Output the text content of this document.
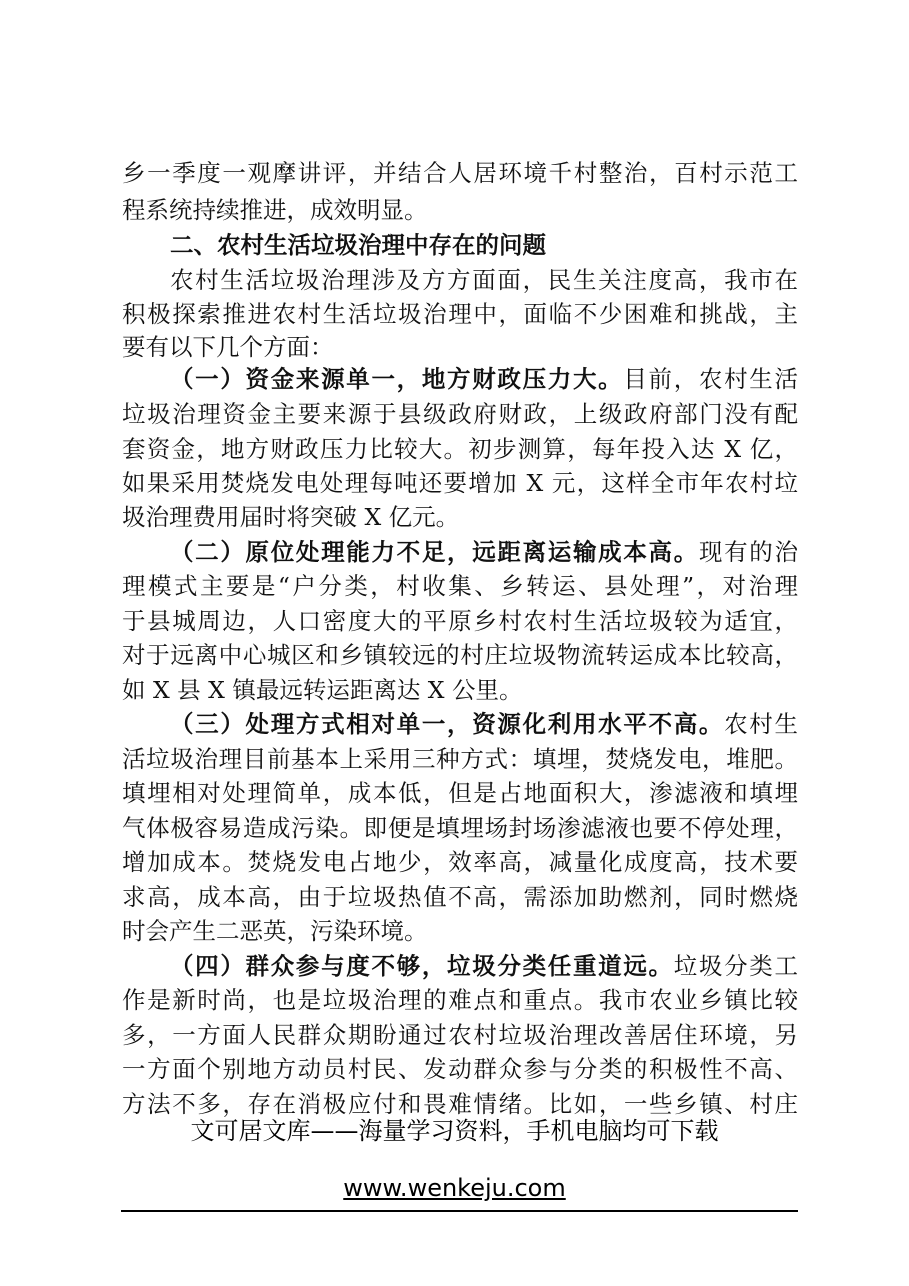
乡一季度一观摩讲评，并结合人居环境千村整治，百村示范工
程系统持续推进，成效明显。
二、农村生活垃圾治理中存在的问题
农村生活垃圾治理涉及方方面面，民生关注度高，我市在
积极探索推进农村生活垃圾治理中，面临不少困难和挑战，主
要有以下几个方面：
（一）资金来源单一，地方财政压力大。目前，农村生活
垃圾治理资金主要来源于县级政府财政，上级政府部门没有配
套资金，地方财政压力比较大。初步测算，每年投入达 X 亿，
如果采用焚烧发电处理每吨还要增加 X 元，这样全市年农村垃
圾治理费用届时将突破 X 亿元。
（二）原位处理能力不足，远距离运输成本高。现有的治
理模式主要是“户分类，村收集、乡转运、县处理”，对治理
于县城周边，人口密度大的平原乡村农村生活垃圾较为适宜，
对于远离中心城区和乡镇较远的村庄垃圾物流转运成本比较高，
如 X 县 X 镇最远转运距离达 X 公里。
（三）处理方式相对单一，资源化利用水平不高。农村生
活垃圾治理目前基本上采用三种方式：填埋，焚烧发电，堆肥。
填埋相对处理简单，成本低，但是占地面积大，渗滤液和填埋
气体极容易造成污染。即便是填埋场封场渗滤液也要不停处理，
增加成本。焚烧发电占地少，效率高，减量化成度高，技术要
求高，成本高，由于垃圾热值不高，需添加助燃剂，同时燃烧
时会产生二恶英，污染环境。
（四）群众参与度不够，垃圾分类任重道远。垃圾分类工
作是新时尚，也是垃圾治理的难点和重点。我市农业乡镇比较
多，一方面人民群众期盼通过农村垃圾治理改善居住环境，另
一方面个别地方动员村民、发动群众参与分类的积极性不高、
方法不多，存在消极应付和畏难情绪。比如，一些乡镇、村庄
文可居文库——海量学习资料，手机电脑均可下载
www.wenkeju.com
